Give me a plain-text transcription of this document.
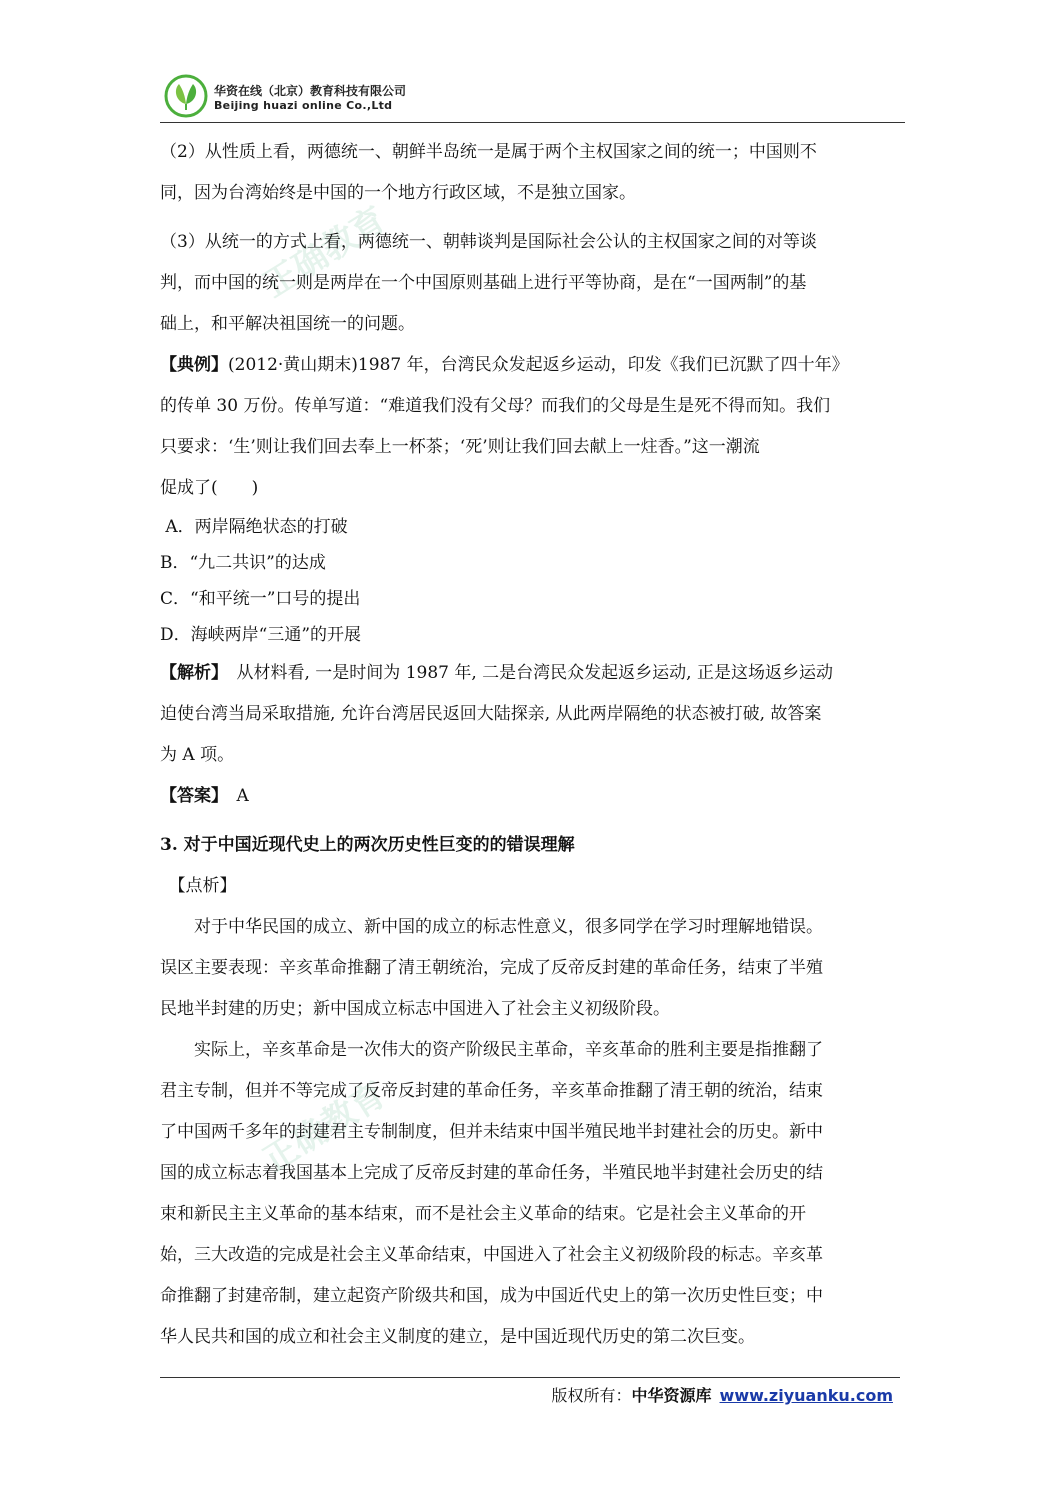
华资在线（北京）教育科技有限公司
Beijing huazi online Co.,Ltd
正确教育
正确教育

（2）从性质上看，两德统一、朝鲜半岛统一是属于两个主权国家之间的统一；中国则不

同，因为台湾始终是中国的一个地方行政区域，不是独立国家。

（3）从统一的方式上看，两德统一、朝韩谈判是国际社会公认的主权国家之间的对等谈

判，而中国的统一则是两岸在一个中国原则基础上进行平等协商，是在“一国两制”的基

础上，和平解决祖国统一的问题。

【典例】(2012·黄山期末)1987 年，台湾民众发起返乡运动，印发《我们已沉默了四十年》

的传单 30 万份。传单写道：“难道我们没有父母？而我们的父母是生是死不得而知。我们

只要求：‘生’则让我们回去奉上一杯茶；‘死’则让我们回去献上一炷香。”这一潮流

促成了(　　)

A．两岸隔绝状态的打破

B．“九二共识”的达成

C．“和平统一”口号的提出

D．海峡两岸“三通”的开展

【解析】　从材料看, 一是时间为 1987 年, 二是台湾民众发起返乡运动, 正是这场返乡运动

迫使台湾当局采取措施, 允许台湾居民返回大陆探亲, 从此两岸隔绝的状态被打破, 故答案

为 A 项。

【答案】　A

3. 对于中国近现代史上的两次历史性巨变的的错误理解

　【点析】

　　对于中华民国的成立、新中国的成立的标志性意义，很多同学在学习时理解地错误。

误区主要表现：辛亥革命推翻了清王朝统治，完成了反帝反封建的革命任务，结束了半殖

民地半封建的历史；新中国成立标志中国进入了社会主义初级阶段。

　　实际上，辛亥革命是一次伟大的资产阶级民主革命，辛亥革命的胜利主要是指推翻了

君主专制，但并不等完成了反帝反封建的革命任务，辛亥革命推翻了清王朝的统治，结束

了中国两千多年的封建君主专制制度，但并未结束中国半殖民地半封建社会的历史。新中

国的成立标志着我国基本上完成了反帝反封建的革命任务，半殖民地半封建社会历史的结

束和新民主主义革命的基本结束，而不是社会主义革命的结束。它是社会主义革命的开

始，三大改造的完成是社会主义革命结束，中国进入了社会主义初级阶段的标志。辛亥革

命推翻了封建帝制，建立起资产阶级共和国，成为中国近代史上的第一次历史性巨变；中

华人民共和国的成立和社会主义制度的建立，是中国近现代历史的第二次巨变。

版权所有：中华资源库 www.ziyuanku.com
